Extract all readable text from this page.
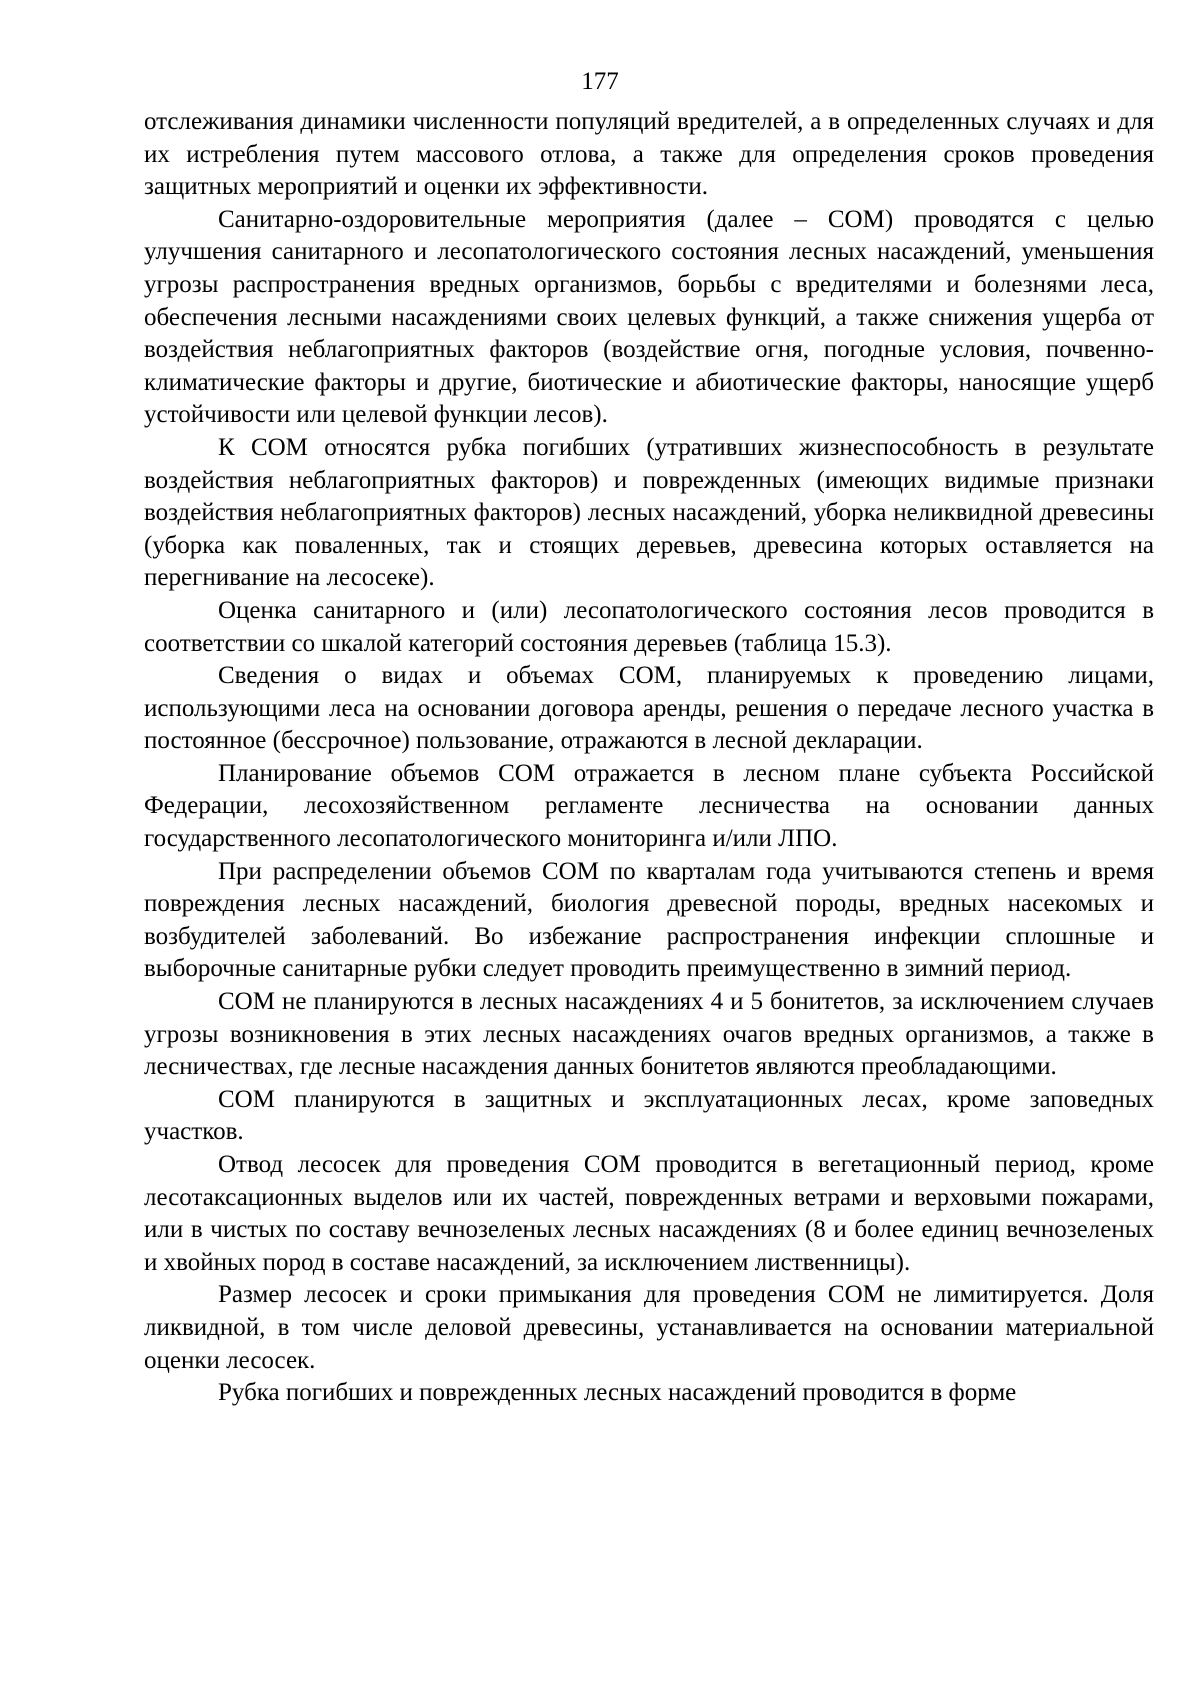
177

отслеживания динамики численности популяций вредителей, а в определенных случаях и для их истребления путем массового отлова, а также для определения сроков проведения защитных мероприятий и оценки их эффективности.

Санитарно-оздоровительные мероприятия (далее – СОМ) проводятся с целью улучшения санитарного и лесопатологического состояния лесных насаждений, уменьшения угрозы распространения вредных организмов, борьбы с вредителями и болезнями леса, обеспечения лесными насаждениями своих целевых функций, а также снижения ущерба от воздействия неблагоприятных факторов (воздействие огня, погодные условия, почвенно-климатические факторы и другие, биотические и абиотические факторы, наносящие ущерб устойчивости или целевой функции лесов).

К СОМ относятся рубка погибших (утративших жизнеспособность в результате воздействия неблагоприятных факторов) и поврежденных (имеющих видимые признаки воздействия неблагоприятных факторов) лесных насаждений, уборка неликвидной древесины (уборка как поваленных, так и стоящих деревьев, древесина которых оставляется на перегнивание на лесосеке).

Оценка санитарного и (или) лесопатологического состояния лесов проводится в соответствии со шкалой категорий состояния деревьев (таблица 15.3).

Сведения о видах и объемах СОМ, планируемых к проведению лицами, использующими леса на основании договора аренды, решения о передаче лесного участка в постоянное (бессрочное) пользование, отражаются в лесной декларации.

Планирование объемов СОМ отражается в лесном плане субъекта Российской Федерации, лесохозяйственном регламенте лесничества на основании данных государственного лесопатологического мониторинга и/или ЛПО.

При распределении объемов СОМ по кварталам года учитываются степень и время повреждения лесных насаждений, биология древесной породы, вредных насекомых и возбудителей заболеваний. Во избежание распространения инфекции сплошные и выборочные санитарные рубки следует проводить преимущественно в зимний период.

СОМ не планируются в лесных насаждениях 4 и 5 бонитетов, за исключением случаев угрозы возникновения в этих лесных насаждениях очагов вредных организмов, а также в лесничествах, где лесные насаждения данных бонитетов являются преобладающими.

СОМ планируются в защитных и эксплуатационных лесах, кроме заповедных участков.

Отвод лесосек для проведения СОМ проводится в вегетационный период, кроме лесотаксационных выделов или их частей, поврежденных ветрами и верховыми пожарами, или в чистых по составу вечнозеленых лесных насаждениях (8 и более единиц вечнозеленых и хвойных пород в составе насаждений, за исключением лиственницы).

Размер лесосек и сроки примыкания для проведения СОМ не лимитируется. Доля ликвидной, в том числе деловой древесины, устанавливается на основании материальной оценки лесосек.

Рубка погибших и поврежденных лесных насаждений проводится в форме
